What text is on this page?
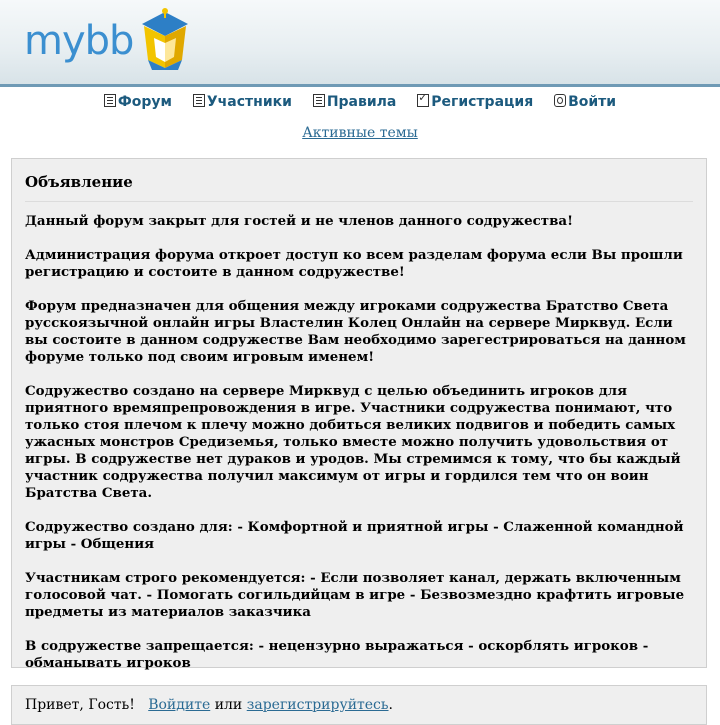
mybb
Форум Участники Правила ✓ Регистрация Войти
Активные темы
Объявление

Данный форум закрыт для гостей и не членов данного содружества!

Администрация форума откроет доступ ко всем разделам форума если Вы прошли регистрацию и состоите в данном содружестве!

Форум предназначен для общения между игроками содружества Братство Света русскоязычной онлайн игры Властелин Колец Онлайн на сервере Мирквуд. Если вы состоите в данном содружестве Вам необходимо зарегестрироваться на данном форуме только под своим игровым именем!

Содружество создано на сервере Мирквуд с целью объединить игроков для приятного времяпрепровождения в игре. Участники содружества понимают, что только стоя плечом к плечу можно добиться великих подвигов и победить самых ужасных монстров Средиземья, только вместе можно получить удовольствия от игры. В содружестве нет дураков и уродов. Мы стремимся к тому, что бы каждый участник содружества получил максимум от игры и гордился тем что он воин Братства Света.

Содружество создано для: - Комфортной и приятной игры - Слаженной командной игры - Общения

Участникам строго рекомендуется: - Если позволяет канал, держать включенным голосовой чат. - Помогать согильдийцам в игре - Безвозмездно крафтить игровые предметы из материалов заказчика

В содружестве запрещается: - нецензурно выражаться - оскорблять игроков - обманывать игроков

Привет, Гость! Войдите или зарегистрируйтесь.
